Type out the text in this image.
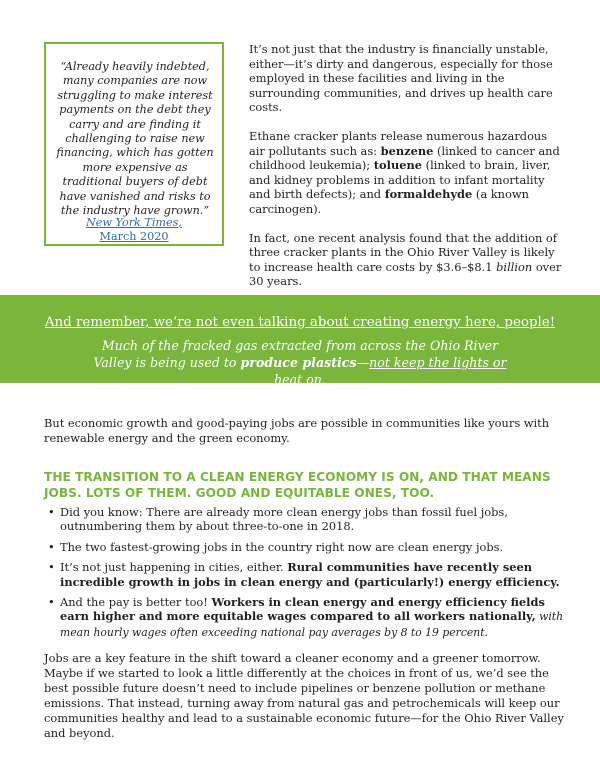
“Already heavily indebted, many companies are now struggling to make interest payments on the debt they carry and are finding it challenging to raise new financing, which has gotten more expensive as traditional buyers of debt have vanished and risks to the industry have grown.”

New York Times,
March 2020

It’s not just that the industry is financially unstable, either—it’s dirty and dangerous, especially for those employed in these facilities and living in the surrounding communities, and drives up health care costs.

Ethane cracker plants release numerous hazardous air pollutants such as: benzene (linked to cancer and childhood leukemia); toluene (linked to brain, liver, and kidney problems in addition to infant mortality and birth defects); and formaldehyde (a known carcinogen).

In fact, one recent analysis found that the addition of three cracker plants in the Ohio River Valley is likely to increase health care costs by $3.6–$8.1 billion over 30 years.

And remember, we’re not even talking about creating energy here, people!
Much of the fracked gas extracted from across the Ohio River Valley is being used to produce plastics—not keep the lights or heat on.

But economic growth and good-paying jobs are possible in communities like yours with renewable energy and the green economy.

THE TRANSITION TO A CLEAN ENERGY ECONOMY IS ON, AND THAT MEANS JOBS. LOTS OF THEM. GOOD AND EQUITABLE ONES, TOO.
• Did you know: There are already more clean energy jobs than fossil fuel jobs, outnumbering them by about three-to-one in 2018.
• The two fastest-growing jobs in the country right now are clean energy jobs.
• It’s not just happening in cities, either. Rural communities have recently seen incredible growth in jobs in clean energy and (particularly!) energy efficiency.
• And the pay is better too! Workers in clean energy and energy efficiency fields earn higher and more equitable wages compared to all workers nationally, with mean hourly wages often exceeding national pay averages by 8 to 19 percent.

Jobs are a key feature in the shift toward a cleaner economy and a greener tomorrow. Maybe if we started to look a little differently at the choices in front of us, we’d see the best possible future doesn’t need to include pipelines or benzene pollution or methane emissions. That instead, turning away from natural gas and petrochemicals will keep our communities healthy and lead to a sustainable economic future—for the Ohio River Valley and beyond.
